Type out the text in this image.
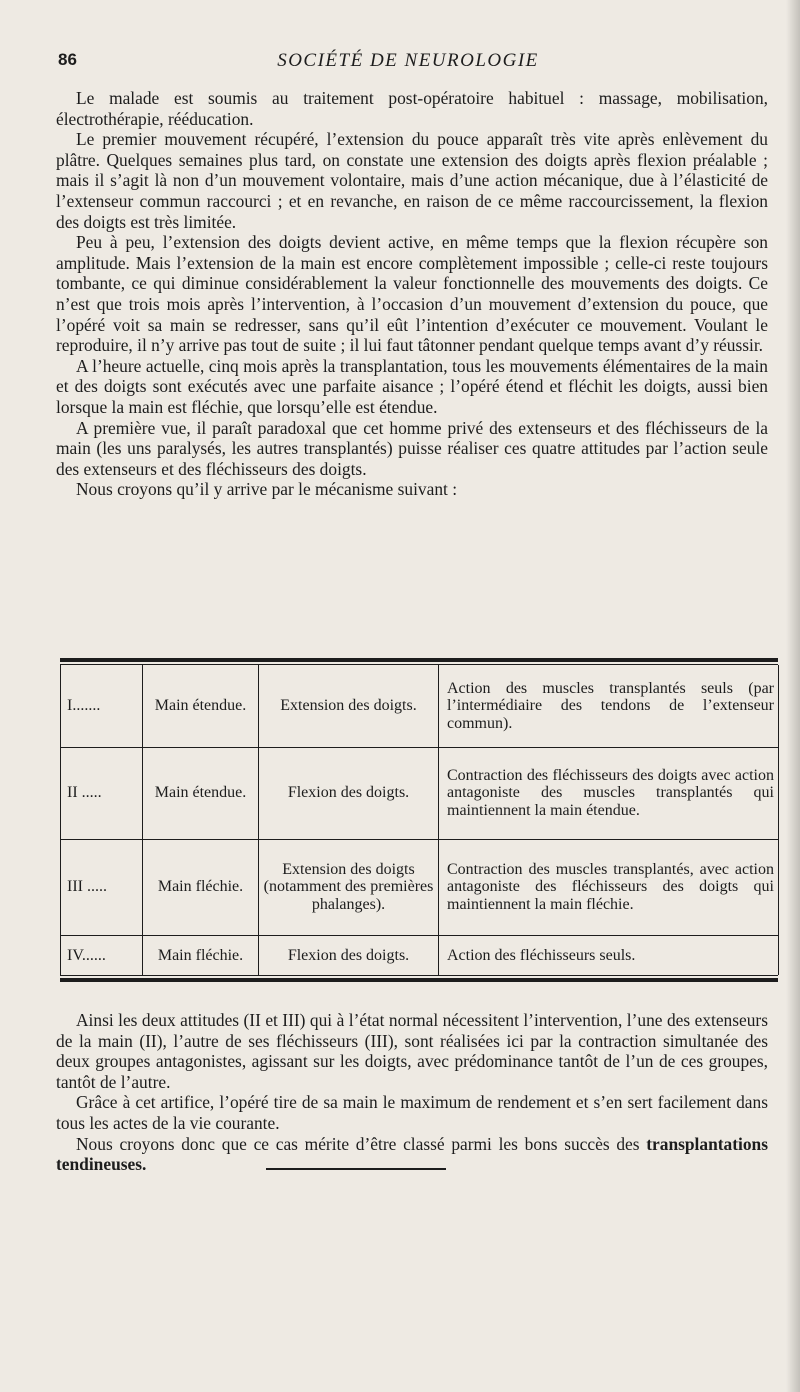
86	SOCIÉTÉ DE NEUROLOGIE

Le malade est soumis au traitement post-opératoire habituel : massage, mobilisation, électrothérapie, rééducation.

Le premier mouvement récupéré, l’extension du pouce apparaît très vite après enlèvement du plâtre. Quelques semaines plus tard, on constate une extension des doigts après flexion préalable ; mais il s’agit là non d’un mouvement volontaire, mais d’une action mécanique, due à l’élasticité de l’extenseur commun raccourci ; et en revanche, en raison de ce même raccourcissement, la flexion des doigts est très limitée.

Peu à peu, l’extension des doigts devient active, en même temps que la flexion récupère son amplitude. Mais l’extension de la main est encore complètement impossible ; celle-ci reste toujours tombante, ce qui diminue considérablement la valeur fonctionnelle des mouvements des doigts. Ce n’est que trois mois après l’intervention, à l’occasion d’un mouvement d’extension du pouce, que l’opéré voit sa main se redresser, sans qu’il eût l’intention d’exécuter ce mouvement. Voulant le reproduire, il n’y arrive pas tout de suite ; il lui faut tâtonner pendant quelque temps avant d’y réussir.

A l’heure actuelle, cinq mois après la transplantation, tous les mouvements élémentaires de la main et des doigts sont exécutés avec une parfaite aisance ; l’opéré étend et fléchit les doigts, aussi bien lorsque la main est fléchie, que lorsqu’elle est étendue.

A première vue, il paraît paradoxal que cet homme privé des extenseurs et des fléchisseurs de la main (les uns paralysés, les autres transplantés) puisse réaliser ces quatre attitudes par l’action seule des extenseurs et des fléchisseurs des doigts.

Nous croyons qu’il y arrive par le mécanisme suivant :

I.......	Main étendue.	Extension des doigts.	Action des muscles transplantés seuls (par l’intermédiaire des tendons de l’extenseur commun).
II .....	Main étendue.	Flexion des doigts.	Contraction des fléchisseurs des doigts avec action antagoniste des muscles transplantés qui maintiennent la main étendue.
III .....	Main fléchie.	Extension des doigts (notamment des premières phalanges).	Contraction des muscles transplantés, avec action antagoniste des fléchisseurs des doigts qui maintiennent la main fléchie.
IV......	Main fléchie.	Flexion des doigts.	Action des fléchisseurs seuls.

Ainsi les deux attitudes (II et III) qui à l’état normal nécessitent l’intervention, l’une des extenseurs de la main (II), l’autre de ses fléchisseurs (III), sont réalisées ici par la contraction simultanée des deux groupes antagonistes, agissant sur les doigts, avec prédominance tantôt de l’un de ces groupes, tantôt de l’autre.

Grâce à cet artifice, l’opéré tire de sa main le maximum de rendement et s’en sert facilement dans tous les actes de la vie courante.

Nous croyons donc que ce cas mérite d’être classé parmi les bons succès des transplantations tendineuses.
